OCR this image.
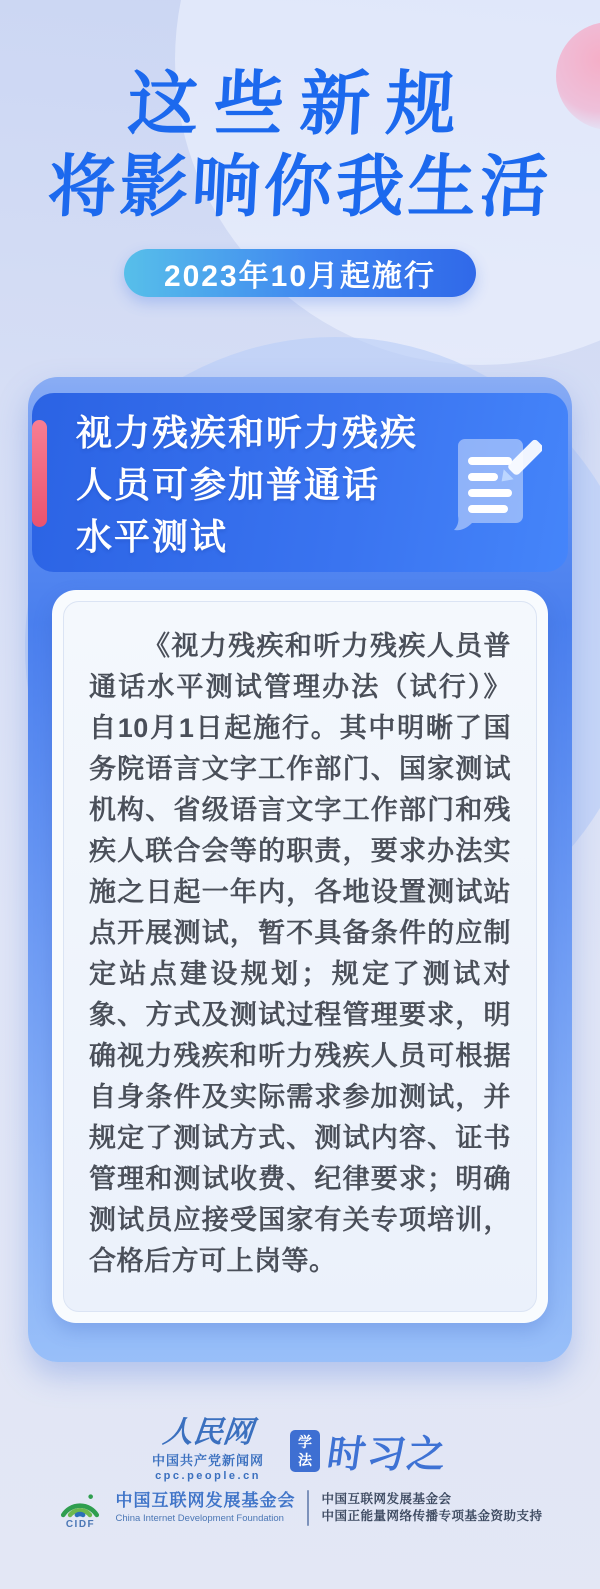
这些新规
将影响你我生活
2023年10月起施行
视力残疾和听力残疾
人员可参加普通话
水平测试

《视力残疾和听力残疾人员普通话水平测试管理办法（试行）》自10月1日起施行。其中明晰了国务院语言文字工作部门、国家测试机构、省级语言文字工作部门和残疾人联合会等的职责，要求办法实施之日起一年内，各地设置测试站点开展测试，暂不具备条件的应制定站点建设规划；规定了测试对象、方式及测试过程管理要求，明确视力残疾和听力残疾人员可根据自身条件及实际需求参加测试，并规定了测试方式、测试内容、证书管理和测试收费、纪律要求；明确测试员应接受国家有关专项培训，合格后方可上岗等。

人民网
中国共产党新闻网
cpc.people.cn
学
法 时习之
CIDF
中国互联网发展基金会
China Internet Development Foundation
中国互联网发展基金会
中国正能量网络传播专项基金资助支持
